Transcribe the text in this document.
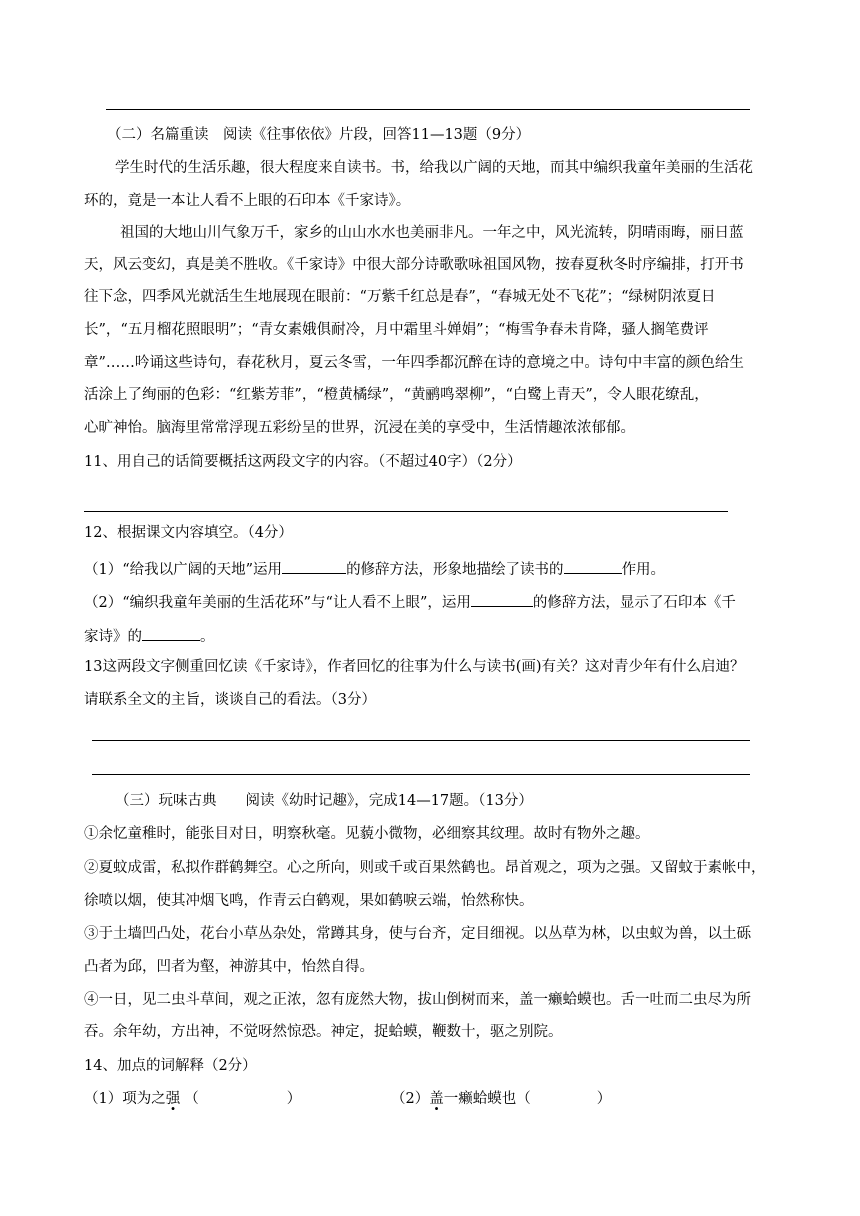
（二）名篇重读　阅读《往事依依》片段，回答11—13题（9分）
学生时代的生活乐趣，很大程度来自读书。书，给我以广阔的天地，而其中编织我童年美丽的生活花
环的，竟是一本让人看不上眼的石印本《千家诗》。
祖国的大地山川气象万千，家乡的山山水水也美丽非凡。一年之中，风光流转，阴晴雨晦，丽日蓝
天，风云变幻，真是美不胜收。《千家诗》中很大部分诗歌歌咏祖国风物，按春夏秋冬时序编排，打开书
往下念，四季风光就活生生地展现在眼前：“万紫千红总是春”，“春城无处不飞花”；“绿树阴浓夏日
长”，“五月榴花照眼明”；“青女素娥俱耐冷，月中霜里斗婵娟”；“梅雪争春未肯降，骚人搁笔费评
章”……吟诵这些诗句，春花秋月，夏云冬雪，一年四季都沉醉在诗的意境之中。诗句中丰富的颜色给生
活涂上了绚丽的色彩：“红紫芳菲”，“橙黄橘绿”，“黄鹂鸣翠柳”，“白鹭上青天”，令人眼花缭乱，
心旷神怡。脑海里常常浮现五彩纷呈的世界，沉浸在美的享受中，生活情趣浓浓郁郁。
11、用自己的话简要概括这两段文字的内容。（不超过40字）（2分）
12、根据课文内容填空。（4分）
（1）“给我以广阔的天地”运用	的修辞方法，形象地描绘了读书的	作用。
（2）“编织我童年美丽的生活花环”与“让人看不上眼”，运用	的修辞方法，显示了石印本《千
家诗》的	。
13这两段文字侧重回忆读《千家诗》，作者回忆的往事为什么与读书(画)有关？这对青少年有什么启迪？
请联系全文的主旨，谈谈自己的看法。（3分）
（三）玩味古典　　阅读《幼时记趣》，完成14—17题。（13分）
①余忆童稚时，能张目对日，明察秋毫。见藐小微物，必细察其纹理。故时有物外之趣。
②夏蚊成雷，私拟作群鹤舞空。心之所向，则或千或百果然鹤也。昂首观之，项为之强。又留蚊于素帐中，
徐喷以烟，使其冲烟飞鸣，作青云白鹤观，果如鹤唳云端，怡然称快。
③于土墙凹凸处，花台小草丛杂处，常蹲其身，使与台齐，定目细视。以丛草为林，以虫蚁为兽，以土砾
凸者为邱，凹者为壑，神游其中，怡然自得。
④一日，见二虫斗草间，观之正浓，忽有庞然大物，拔山倒树而来，盖一癞蛤蟆也。舌一吐而二虫尽为所
吞。余年幼，方出神，不觉呀然惊恐。神定，捉蛤蟆，鞭数十，驱之别院。
14、加点的词解释（2分）
（1）项为之强 （	）	（2）盖一癞蛤蟆也（	）
